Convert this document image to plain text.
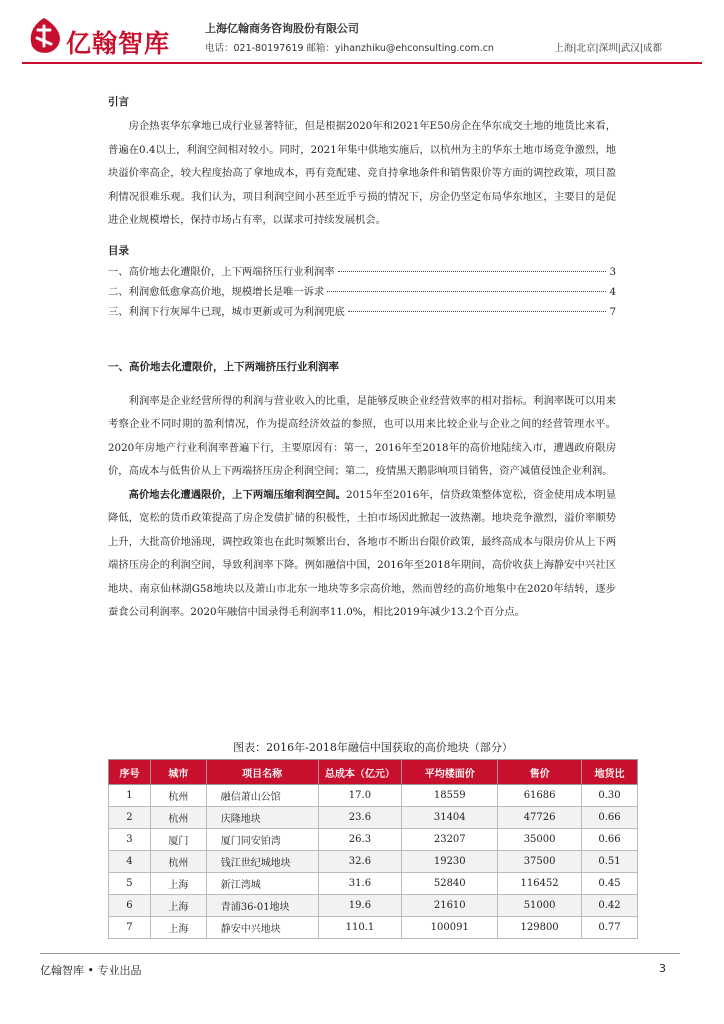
亿翰智库
上海亿翰商务咨询股份有限公司
电话：021-80197619 邮箱：yihanzhiku@ehconsulting.com.cn	上海|北京|深圳|武汉|成都
引言

房企热衷华东拿地已成行业显著特征，但是根据2020年和2021年E50房企在华东成交土地的地货比来看，普遍在0.4以上，利润空间相对较小。同时，2021年集中供地实施后，以杭州为主的华东土地市场竞争激烈，地块溢价率高企，较大程度抬高了拿地成本，再有竞配建、竞自持拿地条件和销售限价等方面的调控政策，项目盈利情况很难乐观。我们认为，项目利润空间小甚至近乎亏损的情况下，房企仍坚定布局华东地区，主要目的是促进企业规模增长，保持市场占有率，以谋求可持续发展机会。

目录
一、高价地去化遭限价，上下两端挤压行业利润率	3
二、利润愈低愈拿高价地，规模增长是唯一诉求	4
三、利润下行灰犀牛已现，城市更新或可为利润兜底	7
一、高价地去化遭限价，上下两端挤压行业利润率

利润率是企业经营所得的利润与营业收入的比重，是能够反映企业经营效率的相对指标。利润率既可以用来考察企业不同时期的盈利情况，作为提高经济效益的参照，也可以用来比较企业与企业之间的经营管理水平。2020年房地产行业利润率普遍下行，主要原因有：第一，2016年至2018年的高价地陆续入市，遭遇政府限房价，高成本与低售价从上下两端挤压房企利润空间；第二，疫情黑天鹅影响项目销售，资产减值侵蚀企业利润。

高价地去化遭遇限价，上下两端压缩利润空间。2015年至2016年，信贷政策整体宽松，资金使用成本明显降低，宽松的货币政策提高了房企发债扩储的积极性，土拍市场因此掀起一波热潮。地块竞争激烈，溢价率顺势上升，大批高价地涌现，调控政策也在此时频繁出台，各地市不断出台限价政策，最终高成本与限房价从上下两端挤压房企的利润空间，导致利润率下降。例如融信中国，2016年至2018年期间，高价收获上海静安中兴社区地块、南京仙林湖G58地块以及萧山市北东一地块等多宗高价地，然而曾经的高价地集中在2020年结转，逐步蚕食公司利润率。2020年融信中国录得毛利润率11.0%，相比2019年减少13.2个百分点。

图表：2016年-2018年融信中国获取的高价地块（部分）
序号	城市	项目名称	总成本（亿元）	平均楼面价	售价	地货比
1	杭州	融信萧山公馆	17.0	18559	61686	0.30
2	杭州	庆隆地块	23.6	31404	47726	0.66
3	厦门	厦门同安铂湾	26.3	23207	35000	0.66
4	杭州	钱江世纪城地块	32.6	19230	37500	0.51
5	上海	新江湾城	31.6	52840	116452	0.45
6	上海	青浦36-01地块	19.6	21610	51000	0.42
7	上海	静安中兴地块	110.1	100091	129800	0.77
亿翰智库 • 专业出品	3
